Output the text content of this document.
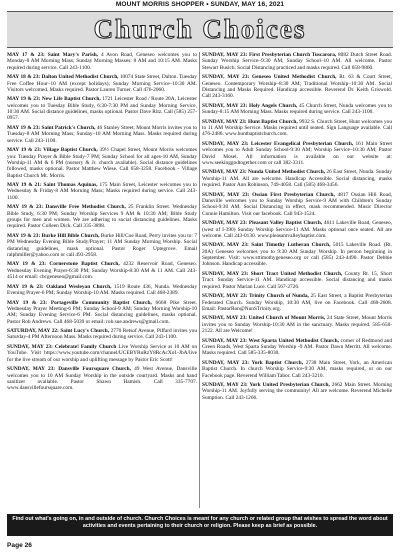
MOUNT MORRIS SHOPPER • SUNDAY, MAY 16, 2021
Church Choices

MAY 17 & 23: Saint Mary's Parish, 4 Avon Road, Geneseo welcomes you to Monday-8 AM Morning Mass; Sunday Morning Masses: 8 AM and 10:15 AM. Masks required during service. Call 243-1100.

MAY 18 & 23: Dalton United Methodist Church, 10074 State Street, Dalton. Tuesday Free Coffee Hour–10 AM (except holidays); Sunday Morning Service–10:30 AM. Visitors welcomed. Masks required. Pastor Lauren Turner. Call 476-2060.

MAY 19 & 23: New Life Baptist Church, 1721 Leicester Road / Route 20A, Leicester welcomes you to Tuesday Bible Study, 6:30-7:30 PM and Sunday Morning Service, 10:30 AM. Social distance guidelines, masks optional. Pastor Dave Ritz. Call (585) 257-0957.

MAY 19 & 23: Saint Patrick's Church, 46 Stanley Street, Mount Morris invites you to Tuesday-8 AM Morning Mass; Sunday–10 AM Morning Mass. Masks required during service. Call 243-1100.

MAY 19 & 23: Village Baptist Church, 39½ Chapel Street, Mount Morris welcomes you: Tuesday Prayer & Bible Study-7 PM; Sunday School for all ages-10 AM, Sunday Worship-11 AM & 6 PM (nursery & Jr. church available). Social distance guidelines followed, masks optional. Pastor Matthew Wiese. Call 658-3258. Facebook - Village Baptist Church Mt. Morris.

MAY 19 & 21: Saint Thomas Aquinas, 175 Main Street, Leicester welcomes you to Wednesday & Friday-8 AM Morning Mass; Masks required during service. Call 243-1100.

MAY 19 & 23: Dansville Free Methodist Church, 25 Franklin Street. Wednesday Bible Study, 6:30 PM; Sunday Worship Services 9 AM & 10:30 AM; Bible Study groups for men and women. We are adhering to social distancing guidelines. Masks required. Pastor Colleen Dick. Call 335-3898.

MAY 19 & 23: Burke Hill Bible Church, Burke Hill/Coe Road, Perry invites you to: 7 PM Wednesday Evening Bible Study/Prayer; 11 AM Sunday Morning Worship. Social distancing guidelines, mask optional. Pastor Roger Uptegrove. Email ralphmiller@yahoo.com or call 493-2958.

MAY 19 & 23: Cornerstone Baptist Church, 4232 Reservoir Road, Geneseo. Wednesday Evening Prayer-6:30 PM; Sunday Worship-8:30 AM & 11 AM. Call 243-4514 or email: cbcgeneseo@gmail.com.

MAY 19 & 23: Oakland Wesleyan Church, 1519 Route 436, Nunda. Wednesday Evening Prayer-6 PM; Sunday Worship-10 AM. Masks required. Call 468-2389.

MAY 19 & 23: Portageville Community Baptist Church, 6668 Pike Street. Wednesday Prayer Meeting-6 PM; Sunday School-9 AM; Sunday Morning Worship-10 AM; Sunday Evening Service-6 PM. Social distancing guidelines, masks optional. Pastor Rob Andrews. Call 468-5039 or email: rob.sue.andrews@gmail.com.

SATURDAY, MAY 22: Saint Lucy's Church, 2770 Retsof Avenue, Piffard invites you Saturday-4 PM Afternoon Mass. Masks required during service. Call 243-1100.

SUNDAY, MAY 23: Celebrate! Family Church Live Worship Service at 10 AM on YouTube. Visit https://www.youtube.com/channel/UCEBYRuRzY8RcAcXo1-JbA/live for the live stream of our worship and uplifting message by Pastor Eric Scott!

SUNDAY, MAY 23: Dansville Foursquare Church, 49 West Avenue, Dansville welcomes you to 10 AM Sunday Worship in the outside courtyard. Masks and hand sanitizer available. Pastor Shawn Hamish. Call 335-7707. www.dansvillefoursquare.com.

SUNDAY, MAY 23: First Presbyterian Church Tuscarora, 8082 Dutch Street Road. Sunday Worship Service–9:30 AM, Sunday School–10 AM. All welcome. Pastor Stewart Busich. Social Distancing practiced and masks required. Call 658-9860.

SUNDAY, MAY 23: Geneseo United Methodist Church, Rt. 63 & Court Street, Geneseo. Contemporary Worship–8:30 AM; Traditional Worship–10:30 AM. Social Distancing and Masks Required. Handicap accessible. Reverend Dr. Keith Griswold. Call 243-3160.

SUNDAY, MAY 23: Holy Angels Church, 45 Church Street, Nunda welcomes you to Sunday-8:15 AM Morning Mass. Masks required during service. Call 243-1100.

SUNDAY, MAY 23: Hunt Baptist Church, 9932 S. Church Street, Hunt welcomes you to 11 AM Worship Service. Masks required until seated. Sign Language available. Call 476-2486. www.huntbaptistchurch.com.

SUNDAY, MAY 23: Leicester Evangelical Presbyterian Church, 161 Main Street welcomes you to Adult Sunday School-9:30 AM; Worship Service–10:30 AM; Pastor David Mosel. All information is available on our website at: www.seekinggodtogether.com or call 382-3311.

SUNDAY, MAY 23: Nunda United Methodist Church, 26 East Street, Nunda. Sunday Worship-11 AM. All are welcome. Handicap Accessible. Social distancing, masks required. Pastor Ann Robinson, 749-4058. Call (585) 468-3456.

SUNDAY, MAY 23: Ossian First Presbyterian Church, 4817 Ossian Hill Road, Dansville welcomes you to Sunday Worship Service-9 AM with Children's Sunday School-9:30 AM. Social Distancing in effect, mask recommended. Music Director Connie Hamilton. Visit our facebook. Call 943-1524.

SUNDAY, MAY 23: Pleasant Valley Baptist Church, 4611 Lakeville Road, Geneseo, (west of I-390) Sunday Worship Service-11 AM. Masks optional once seated. All are welcome. Call 243-0130. www.pleasantvalleybaptist.com.

SUNDAY, MAY 23: Saint Timothy Lutheran Church, 5015 Lakeville Road. (Rt. 20A) Geneseo welcomes you to 9:30 AM Sunday Worship. In person beginning in September. Visit: www.sttimothygeneseo.org or call (585) 243-4490. Pastor Debbie Johnson. Handicap accessible.

SUNDAY, MAY 23: Short Tract United Methodist Church, County Rt. 15, Short Tract. Sunday Service-11 AM. Handicap accessible. Social distancing and masks required. Pastor Marian Luce. Call 567-2726.

SUNDAY, MAY 23: Trinity Church of Nunda, 25 East Street, a Baptist Presbyterian Federated Church. Sunday Worship, 10:30 AM, live on Facebook. Call 468-2608. Email: PastorRon@NunSTrinity.org.

SUNDAY, MAY 23: United Church of Mount Morris, 24 State Street, Mount Morris invites you to Sunday Worship-10:30 AM in the sanctuary. Masks required. 585-658-2122. All are Welcome!

SUNDAY, MAY 23: West Sparta United Methodist Church, corner of Redmond and Green Roads, West Sparta Sunday Worship -9 AM. Pastor Dawn Merritt. All welcome. Masks required. Call 585-335-8030.

SUNDAY, MAY 23: York Baptist Church, 2738 Main Street, York, an American Baptist Church. In church Worship Service-9:30 AM, masks required, or on our Facebook page. Reverend William Tabor. Call 243-3210.

SUNDAY, MAY 23: York United Presbyterian Church, 2662 Main Street. Morning Worship-11 AM. Joyfully serving the community! All are welcome. Reverend Michelle Sumption. Call 243-1266.

Find out what's going on, in and outside of church. Church Choices is meant for any church or related group that wishes to spread the word about activities and events pertaining to their church or religion. Please keep as brief as possible.
Page 26
